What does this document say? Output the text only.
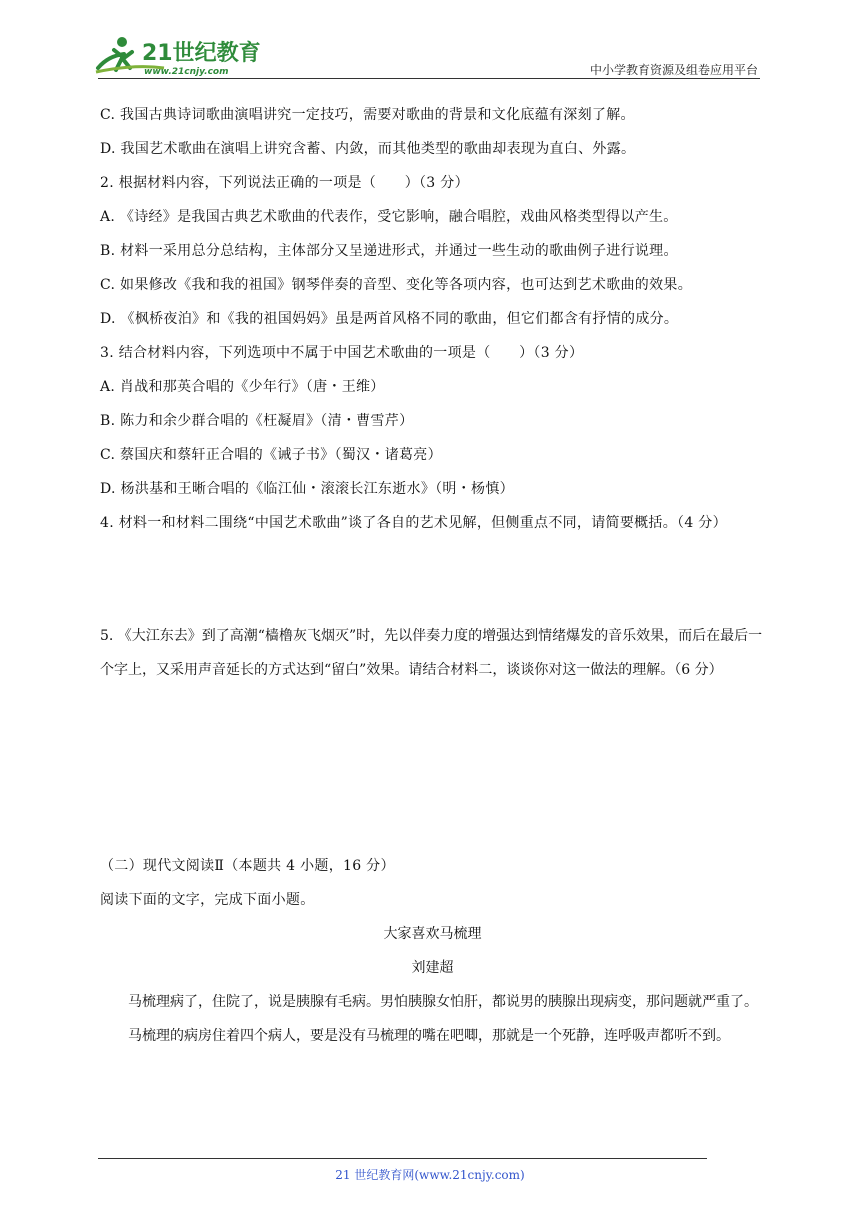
21世纪教育
www.21cnjy.com	中小学教育资源及组卷应用平台

C. 我国古典诗词歌曲演唱讲究一定技巧，需要对歌曲的背景和文化底蕴有深刻了解。

D. 我国艺术歌曲在演唱上讲究含蓄、内敛，而其他类型的歌曲却表现为直白、外露。

2. 根据材料内容，下列说法正确的一项是（　　）（3 分）

A. 《诗经》是我国古典艺术歌曲的代表作，受它影响，融合唱腔，戏曲风格类型得以产生。

B. 材料一采用总分总结构，主体部分又呈递进形式，并通过一些生动的歌曲例子进行说理。

C. 如果修改《我和我的祖国》钢琴伴奏的音型、变化等各项内容，也可达到艺术歌曲的效果。

D. 《枫桥夜泊》和《我的祖国妈妈》虽是两首风格不同的歌曲，但它们都含有抒情的成分。

3. 结合材料内容，下列选项中不属于中国艺术歌曲的一项是（　　）（3 分）

A. 肖战和那英合唱的《少年行》（唐・王维）

B. 陈力和余少群合唱的《枉凝眉》（清・曹雪芹）

C. 蔡国庆和蔡轩正合唱的《诫子书》（蜀汉・诸葛亮）

D. 杨洪基和王晰合唱的《临江仙・滚滚长江东逝水》（明・杨慎）

4. 材料一和材料二围绕“中国艺术歌曲”谈了各自的艺术见解，但侧重点不同，请简要概括。（4 分）

5. 《大江东去》到了高潮“樯橹灰飞烟灭”时，先以伴奏力度的增强达到情绪爆发的音乐效果，而后在最后一个字上，又采用声音延长的方式达到“留白”效果。请结合材料二，谈谈你对这一做法的理解。（6 分）

（二）现代文阅读Ⅱ（本题共 4 小题，16 分）

阅读下面的文字，完成下面小题。

大家喜欢马梳理

刘建超

马梳理病了，住院了，说是胰腺有毛病。男怕胰腺女怕肝，都说男的胰腺出现病变，那问题就严重了。

马梳理的病房住着四个病人，要是没有马梳理的嘴在吧唧，那就是一个死静，连呼吸声都听不到。

21 世纪教育网(www.21cnjy.com)
